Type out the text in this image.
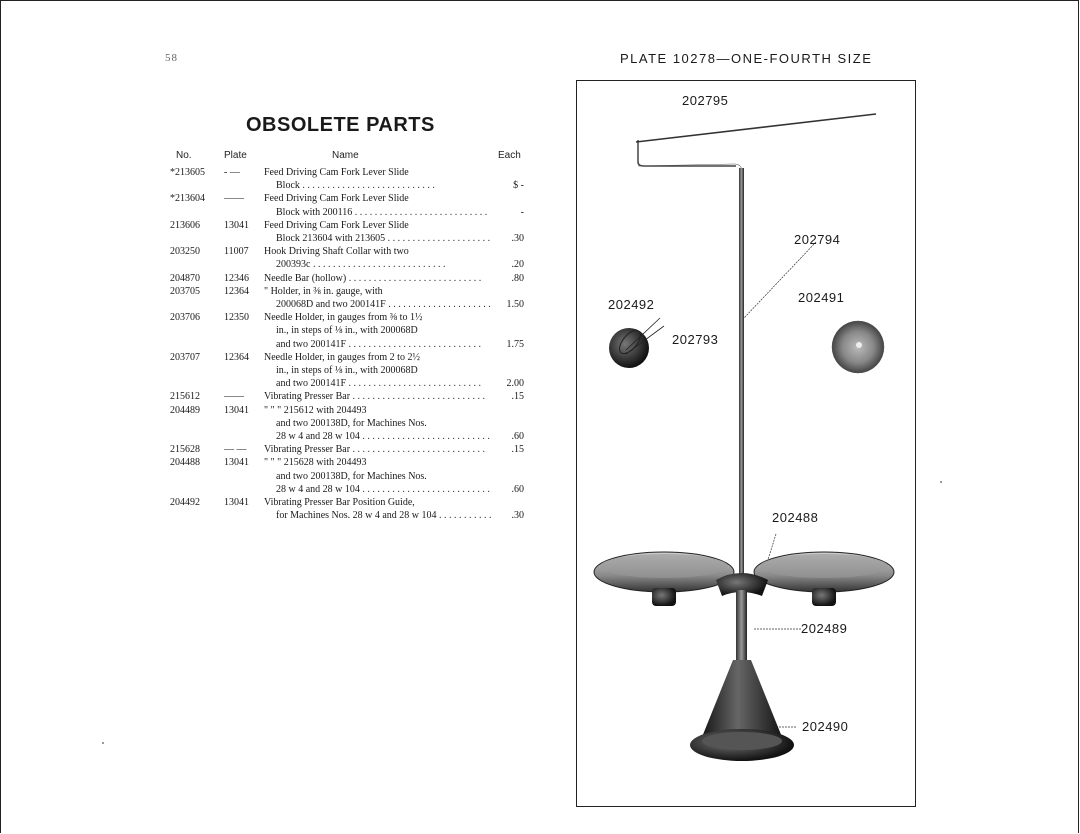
58	PLATE 10278—ONE-FOURTH SIZE
OBSOLETE PARTS
No.	Plate	Name	Each
*213605	- —	Feed Driving Cam Fork Lever Slide
Block . . .	$ -
*213604	——	Feed Driving Cam Fork Lever Slide
Block with 200116 . . .	-
213606	13041	Feed Driving Cam Fork Lever Slide
Block 213604 with 213605 . . .	.30
203250	11007	Hook Driving Shaft Collar with two
200393c . . .	.20
204870	12346	Needle Bar (hollow) . . .	.80
203705	12364	" Holder, in ⅜ in. gauge, with
200068D and two 200141F . . .	1.50
203706	12350	Needle Holder, in gauges from ⅜ to 1½
in., in steps of ⅛ in., with 200068D
and two 200141F . . .	1.75
203707	12364	Needle Holder, in gauges from 2 to 2½
in., in steps of ⅛ in., with 200068D
and two 200141F . . .	2.00
215612	——	Vibrating Presser Bar . . .	.15
204489	13041	" " " 215612 with 204493
and two 200138D, for Machines Nos.
28 w 4 and 28 w 104 . . .	.60
215628	— —	Vibrating Presser Bar . . .	.15
204488	13041	" " " 215628 with 204493
and two 200138D, for Machines Nos.
28 w 4 and 28 w 104 . . .	.60
204492	13041	Vibrating Presser Bar Position Guide,
for Machines Nos. 28 w 4 and 28 w 104 . . .	.30
202795
202794
202492	202491
202793
202488
202489
202490
